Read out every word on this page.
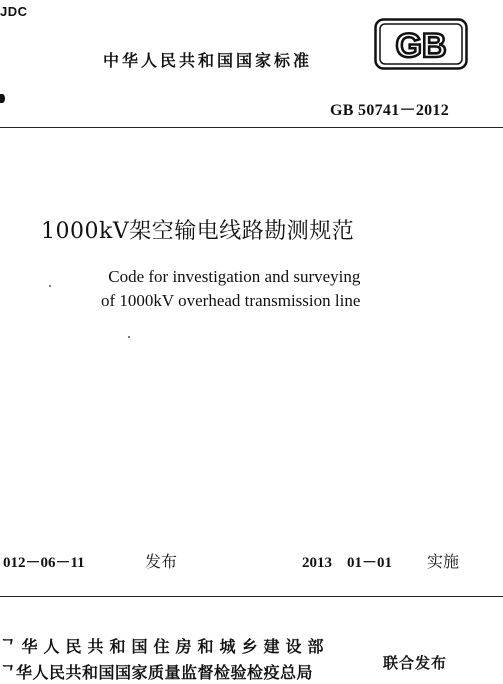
JDC
中华人民共和国国家标准 GB
GB 50741－2012
1000kV架空输电线路勘测规范
Code for investigation and surveying
of 1000kV overhead transmission line
012－06－11	发布	2013　01－01 实施
ᄀ华人民共和国住房和城乡建设部
ᄀ华人民共和国国家质量监督检验检疫总局	联合发布
